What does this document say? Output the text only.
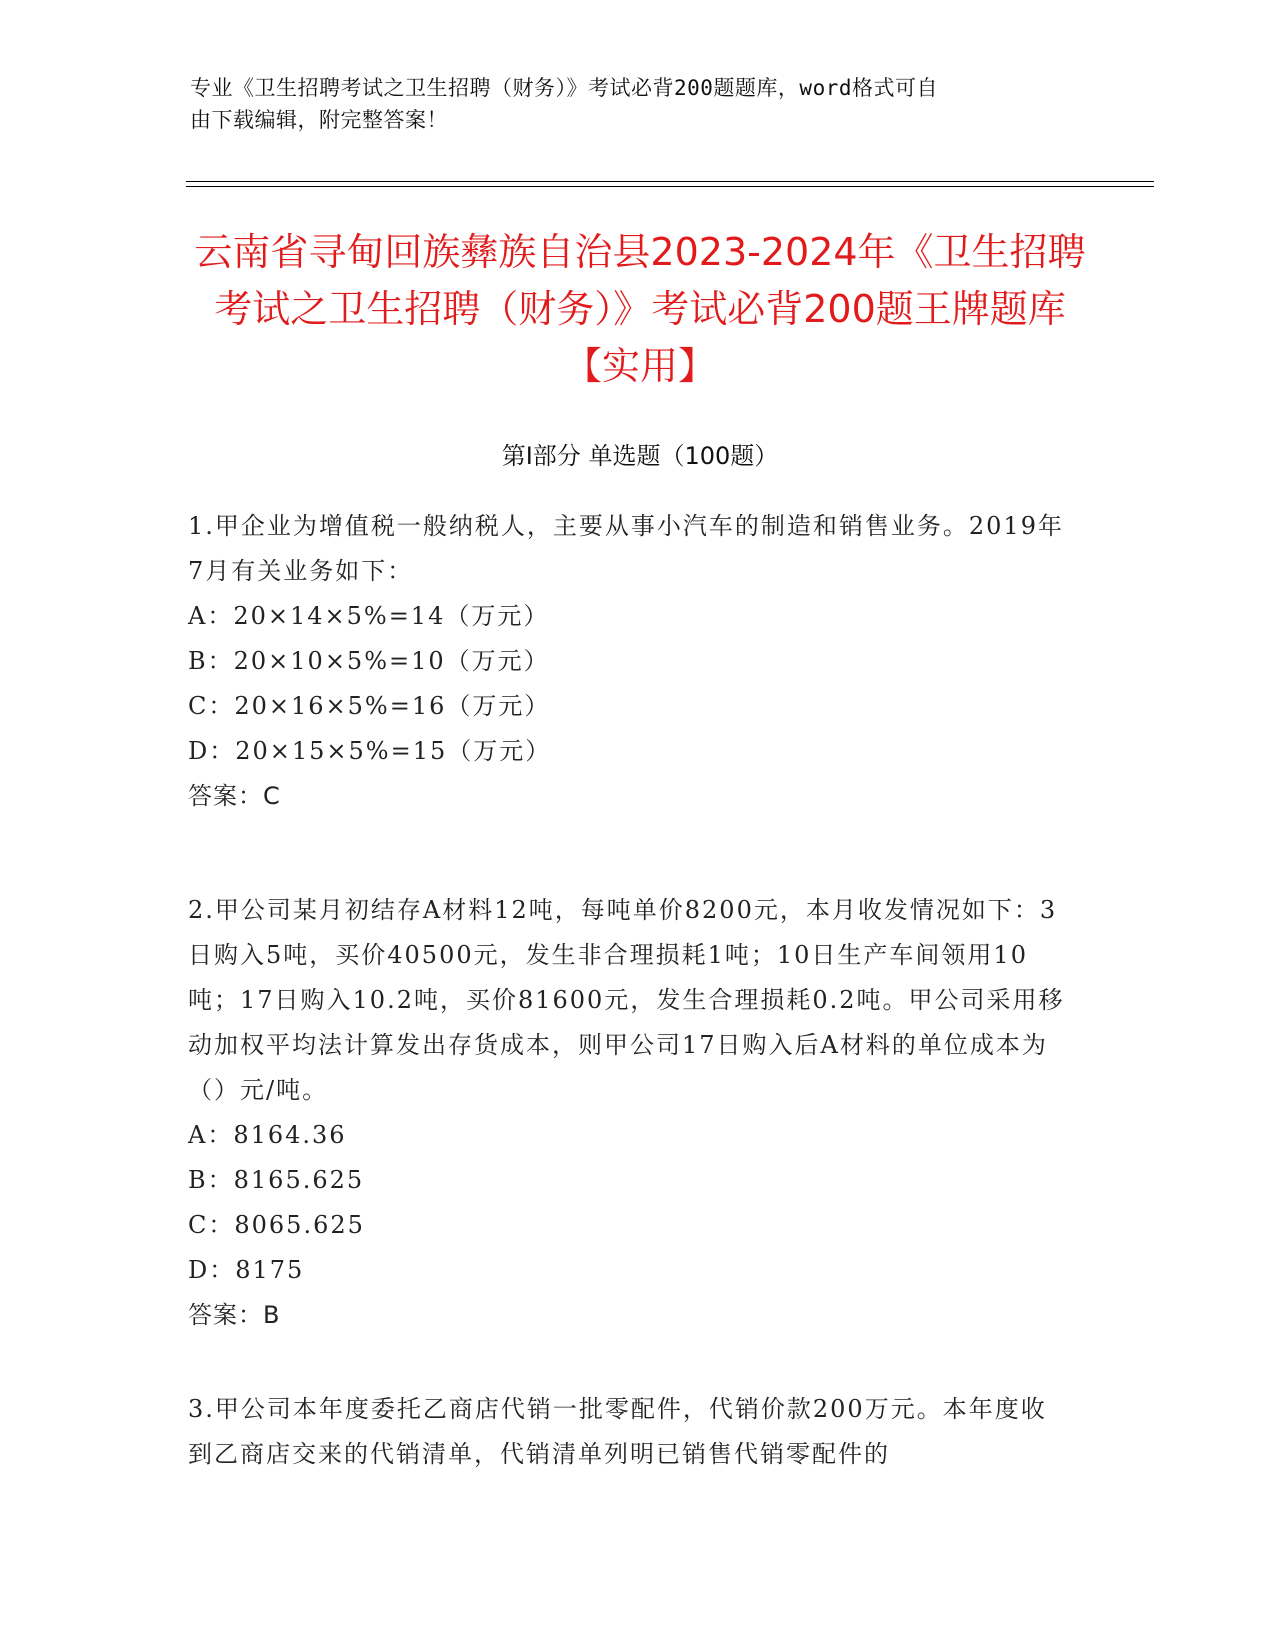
专业《卫生招聘考试之卫生招聘（财务）》考试必背200题题库，word格式可自
由下载编辑，附完整答案！
云南省寻甸回族彝族自治县2023-2024年《卫生招聘考试之卫生招聘（财务）》考试必背200题王牌题库【实用】
第Ⅰ部分 单选题（100题）
1.甲企业为增值税一般纳税人，主要从事小汽车的制造和销售业务。2019年7月有关业务如下：
A：20×14×5%=14（万元）
B：20×10×5%=10（万元）
C：20×16×5%=16（万元）
D：20×15×5%=15（万元）
答案：C
2.甲公司某月初结存A材料12吨，每吨单价8200元，本月收发情况如下：3日购入5吨，买价40500元，发生非合理损耗1吨；10日生产车间领用10吨；17日购入10.2吨，买价81600元，发生合理损耗0.2吨。甲公司采用移动加权平均法计算发出存货成本，则甲公司17日购入后A材料的单位成本为（）元/吨。
A：8164.36
B：8165.625
C：8065.625
D：8175
答案：B
3.甲公司本年度委托乙商店代销一批零配件，代销价款200万元。本年度收到乙商店交来的代销清单，代销清单列明已销售代销零配件的
